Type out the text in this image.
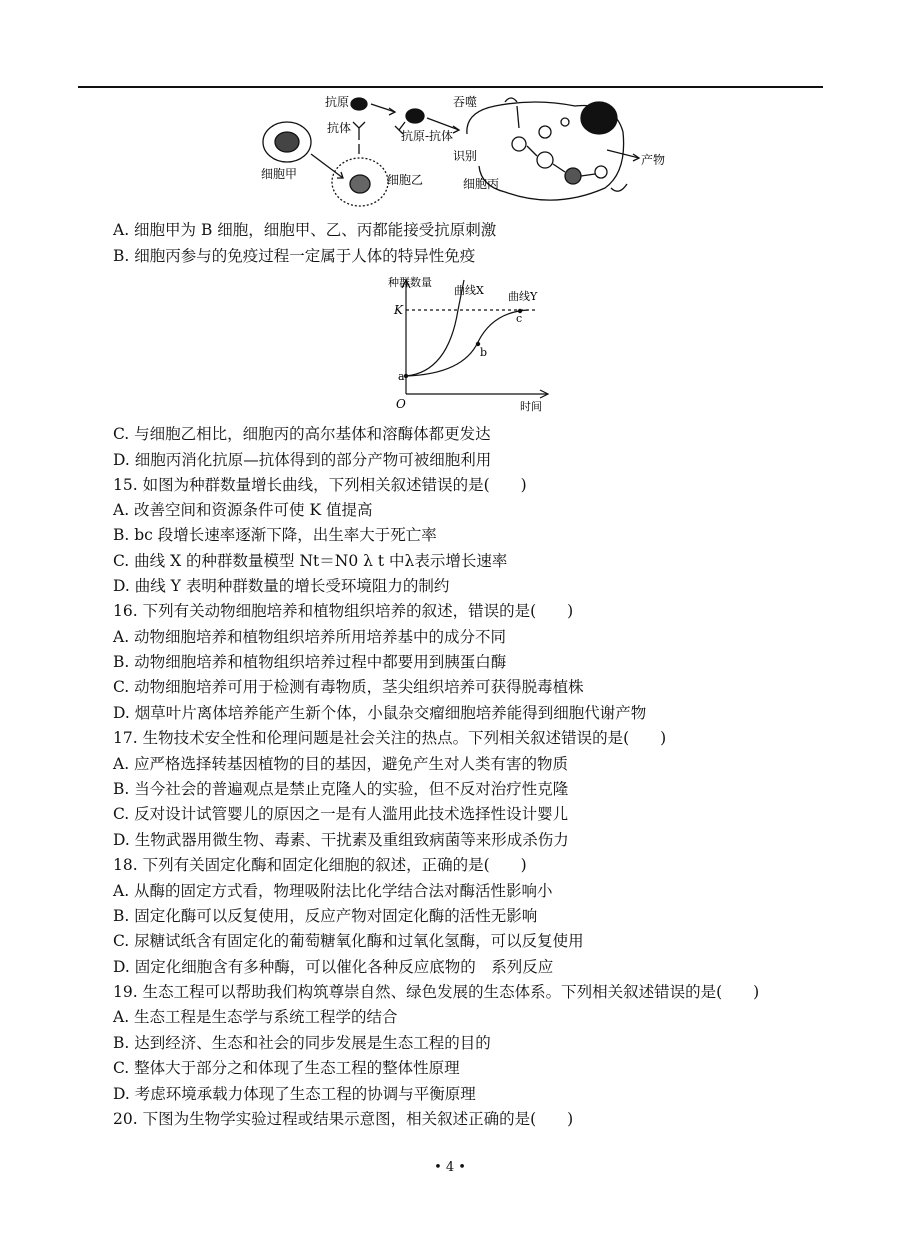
抗原
抗体
抗原-抗体
吞噬
识别	产物
细胞甲	细胞乙	细胞丙
种群数量
曲线X 曲线Y
K
a
b
c
O	时间
A. 细胞甲为 B 细胞，细胞甲、乙、丙都能接受抗原刺激
B. 细胞丙参与的免疫过程一定属于人体的特异性免疫
C. 与细胞乙相比，细胞丙的高尔基体和溶酶体都更发达
D. 细胞丙消化抗原—抗体得到的部分产物可被细胞利用
15. 如图为种群数量增长曲线，下列相关叙述错误的是(　　)
A. 改善空间和资源条件可使 K 值提高
B. bc 段增长速率逐渐下降，出生率大于死亡率
C. 曲线 X 的种群数量模型 Nt＝N0 λ t 中λ表示增长速率
D. 曲线 Y 表明种群数量的增长受环境阻力的制约
16. 下列有关动物细胞培养和植物组织培养的叙述，错误的是(　　)
A. 动物细胞培养和植物组织培养所用培养基中的成分不同
B. 动物细胞培养和植物组织培养过程中都要用到胰蛋白酶
C. 动物细胞培养可用于检测有毒物质，茎尖组织培养可获得脱毒植株
D. 烟草叶片离体培养能产生新个体，小鼠杂交瘤细胞培养能得到细胞代谢产物
17. 生物技术安全性和伦理问题是社会关注的热点。下列相关叙述错误的是(　　)
A. 应严格选择转基因植物的目的基因，避免产生对人类有害的物质
B. 当今社会的普遍观点是禁止克隆人的实验，但不反对治疗性克隆
C. 反对设计试管婴儿的原因之一是有人滥用此技术选择性设计婴儿
D. 生物武器用微生物、毒素、干扰素及重组致病菌等来形成杀伤力
18. 下列有关固定化酶和固定化细胞的叙述，正确的是(　　)
A. 从酶的固定方式看，物理吸附法比化学结合法对酶活性影响小
B. 固定化酶可以反复使用，反应产物对固定化酶的活性无影响
C. 尿糖试纸含有固定化的葡萄糖氧化酶和过氧化氢酶，可以反复使用
D. 固定化细胞含有多种酶，可以催化各种反应底物的　系列反应
19. 生态工程可以帮助我们构筑尊崇自然、绿色发展的生态体系。下列相关叙述错误的是(　　)
A. 生态工程是生态学与系统工程学的结合
B. 达到经济、生态和社会的同步发展是生态工程的目的
C. 整体大于部分之和体现了生态工程的整体性原理
D. 考虑环境承载力体现了生态工程的协调与平衡原理
20. 下图为生物学实验过程或结果示意图，相关叙述正确的是(　　)
• 4 •
